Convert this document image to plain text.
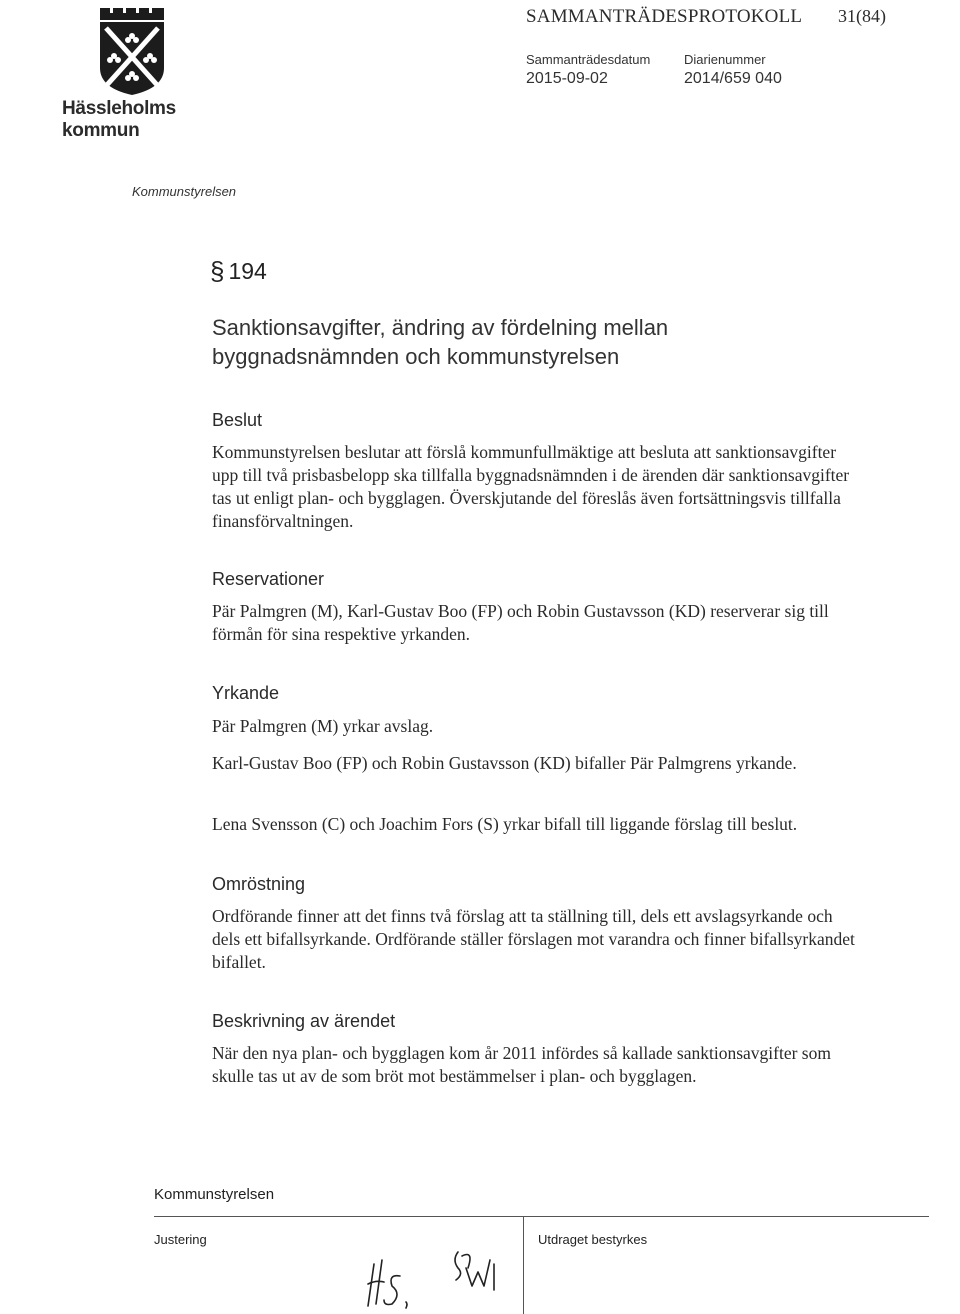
Hässleholms kommun
SAMMANTRÄDESPROTOKOLL 31(84)
Sammanträdesdatum
2015-09-02
Diarienummer
2014/659 040
Kommunstyrelsen
§ 194
Sanktionsavgifter, ändring av fördelning mellan byggnadsnämnden och kommunstyrelsen
Beslut
Kommunstyrelsen beslutar att förslå kommunfullmäktige att besluta att sanktionsavgifter upp till två prisbasbelopp ska tillfalla byggnadsnämnden i de ärenden där sanktionsavgifter tas ut enligt plan- och bygglagen. Överskjutande del föreslås även fortsättningsvis tillfalla finansförvaltningen.
Reservationer
Pär Palmgren (M), Karl-Gustav Boo (FP) och Robin Gustavsson (KD) reserverar sig till förmån för sina respektive yrkanden.
Yrkande
Pär Palmgren (M) yrkar avslag.
Karl-Gustav Boo (FP) och Robin Gustavsson (KD) bifaller Pär Palmgrens yrkande.
Lena Svensson (C) och Joachim Fors (S) yrkar bifall till liggande förslag till beslut.
Omröstning
Ordförande finner att det finns två förslag att ta ställning till, dels ett avslagsyrkande och dels ett bifallsyrkande. Ordförande ställer förslagen mot varandra och finner bifallsyrkandet bifallet.
Beskrivning av ärendet
När den nya plan- och bygglagen kom år 2011 infördes så kallade sanktionsavgifter som skulle tas ut av de som bröt mot bestämmelser i plan- och bygglagen.
Kommunstyrelsen
Justering	Utdraget bestyrkes
